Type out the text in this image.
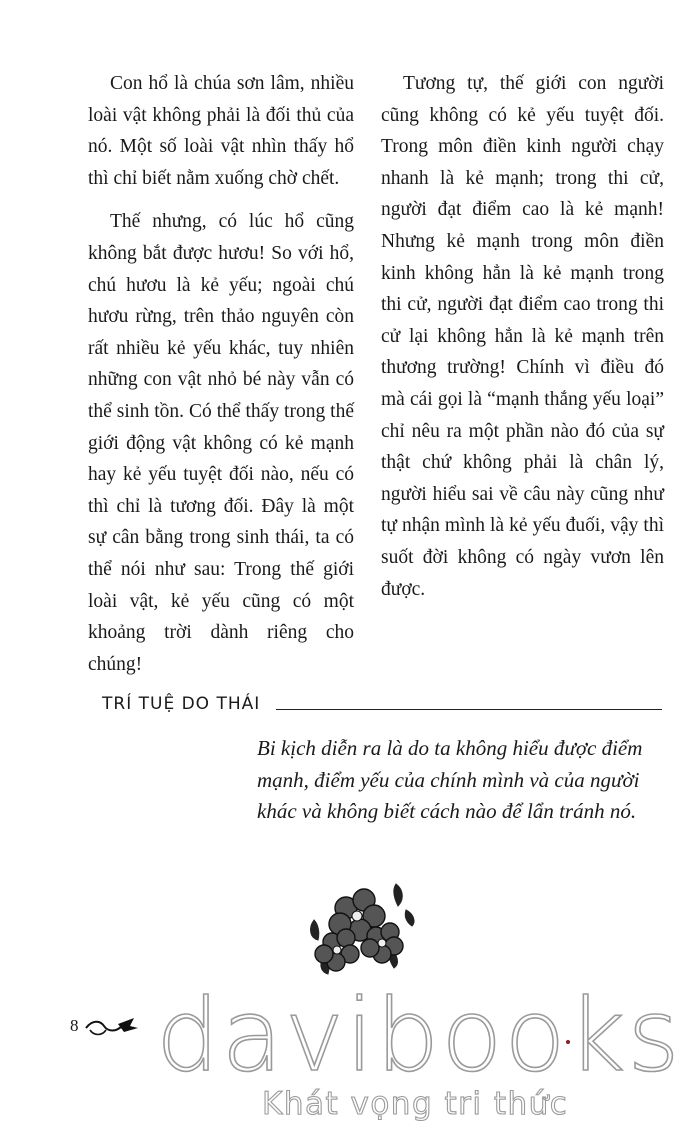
Con hổ là chúa sơn lâm, nhiều loài vật không phải là đối thủ của nó. Một số loài vật nhìn thấy hổ thì chỉ biết nằm xuống chờ chết.

Thế nhưng, có lúc hổ cũng không bắt được hươu! So với hổ, chú hươu là kẻ yếu; ngoài chú hươu rừng, trên thảo nguyên còn rất nhiều kẻ yếu khác, tuy nhiên những con vật nhỏ bé này vẫn có thể sinh tồn. Có thể thấy trong thế giới động vật không có kẻ mạnh hay kẻ yếu tuyệt đối nào, nếu có thì chỉ là tương đối. Đây là một sự cân bằng trong sinh thái, ta có thể nói như sau: Trong thế giới loài vật, kẻ yếu cũng có một khoảng trời dành riêng cho chúng!

Tương tự, thế giới con người cũng không có kẻ yếu tuyệt đối. Trong môn điền kinh người chạy nhanh là kẻ mạnh; trong thi cử, người đạt điểm cao là kẻ mạnh! Nhưng kẻ mạnh trong môn điền kinh không hẳn là kẻ mạnh trong thi cử, người đạt điểm cao trong thi cử lại không hẳn là kẻ mạnh trên thương trường! Chính vì điều đó mà cái gọi là “mạnh thắng yếu loại” chỉ nêu ra một phần nào đó của sự thật chứ không phải là chân lý, người hiểu sai về câu này cũng như tự nhận mình là kẻ yếu đuối, vậy thì suốt đời không có ngày vươn lên được.

TRÍ TUỆ DO THÁI
Bi kịch diễn ra là do ta không hiểu được điểm mạnh, điểm yếu của chính mình và của người khác và không biết cách nào để lẩn tránh nó.
8 davibooks
Khát vọng tri thức
